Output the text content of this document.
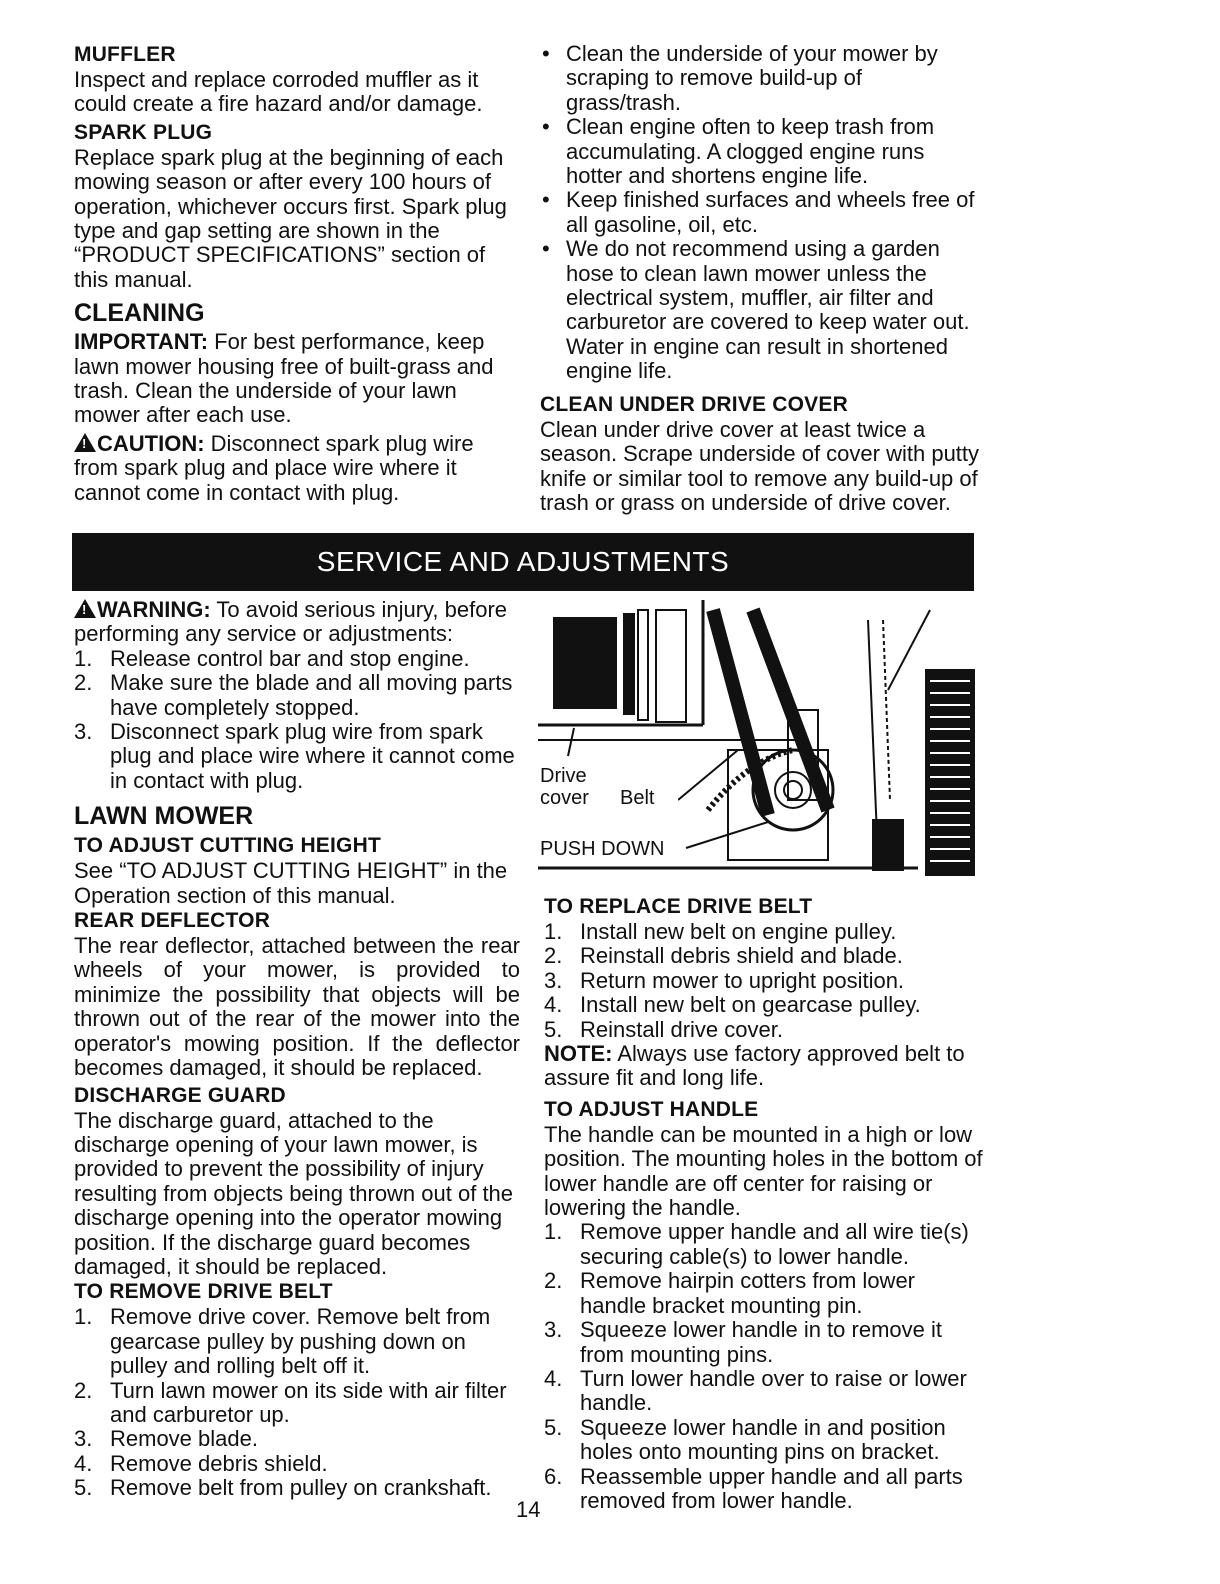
MUFFLER

Inspect and replace corroded muffler as it could create a fire hazard and/or damage.

SPARK PLUG

Replace spark plug at the beginning of each mowing season or after every 100 hours of operation, whichever occurs first. Spark plug type and gap setting are shown in the “PRODUCT SPECIFICATIONS” section of this manual.

CLEANING

IMPORTANT: For best performance, keep lawn mower housing free of built-grass and trash. Clean the underside of your lawn mower after each use.

!CAUTION: Disconnect spark plug wire from spark plug and place wire where it cannot come in contact with plug.

• Clean the underside of your mower by scraping to remove build-up of grass/trash.
• Clean engine often to keep trash from accumulating. A clogged engine runs hotter and shortens engine life.
• Keep finished surfaces and wheels free of all gasoline, oil, etc.
• We do not recommend using a garden hose to clean lawn mower unless the electrical system, muffler, air filter and carburetor are covered to keep water out. Water in engine can result in shortened engine life.
CLEAN UNDER DRIVE COVER

Clean under drive cover at least twice a season. Scrape underside of cover with putty knife or similar tool to remove any build-up of trash or grass on underside of drive cover.

SERVICE AND ADJUSTMENTS

!WARNING: To avoid serious injury, before performing any service or adjustments:

1. Release control bar and stop engine.
2. Make sure the blade and all moving parts have completely stopped.
3. Disconnect spark plug wire from spark plug and place wire where it cannot come in contact with plug.
LAWN MOWER
TO ADJUST CUTTING HEIGHT

See “TO ADJUST CUTTING HEIGHT” in the Operation section of this manual.

REAR DEFLECTOR

The rear deflector, attached between the rear wheels of your mower, is provided to minimize the possibility that objects will be thrown out of the rear of the mower into the operator's mowing position. If the deflector becomes damaged, it should be replaced.

DISCHARGE GUARD

The discharge guard, attached to the discharge opening of your lawn mower, is provided to prevent the possibility of injury resulting from objects being thrown out of the discharge opening into the operator mowing position. If the discharge guard becomes damaged, it should be replaced.

TO REMOVE DRIVE BELT
1. Remove drive cover. Remove belt from gearcase pulley by pushing down on pulley and rolling belt off it.
2. Turn lawn mower on its side with air filter and carburetor up.
3. Remove blade.
4. Remove debris shield.
5. Remove belt from pulley on crankshaft.
Drive
cover Belt
PUSH DOWN
TO REPLACE DRIVE BELT
1. Install new belt on engine pulley.
2. Reinstall debris shield and blade.
3. Return mower to upright position.
4. Install new belt on gearcase pulley.
5. Reinstall drive cover.

NOTE: Always use factory approved belt to assure fit and long life.

TO ADJUST HANDLE

The handle can be mounted in a high or low position. The mounting holes in the bottom of lower handle are off center for raising or lowering the handle.

1. Remove upper handle and all wire tie(s) securing cable(s) to lower handle.
2. Remove hairpin cotters from lower handle bracket mounting pin.
3. Squeeze lower handle in to remove it from mounting pins.
4. Turn lower handle over to raise or lower handle.
5. Squeeze lower handle in and position holes onto mounting pins on bracket.
6. Reassemble upper handle and all parts removed from lower handle.
14
